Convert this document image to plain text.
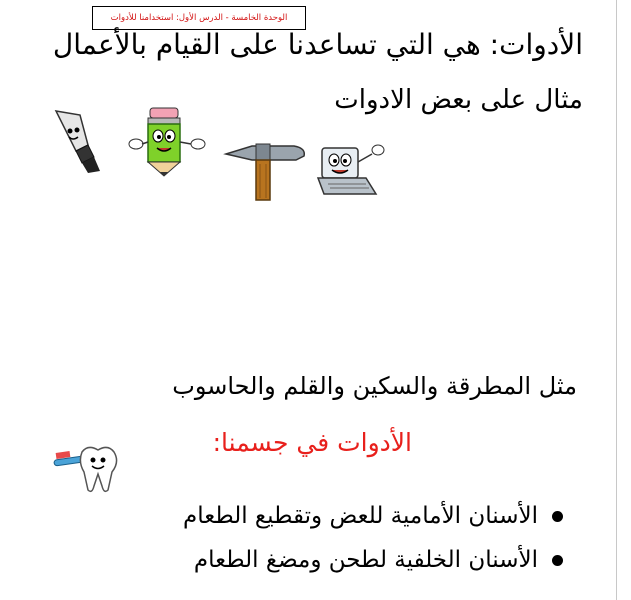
الوحدة الخامسة - الدرس الأول: استخدامنا للأدوات
الأدوات: هي التي تساعدنا على القيام بالأعمال
مثال على بعض الادوات
مثل المطرقة والسكين والقلم والحاسوب
الأدوات في جسمنا:
الأسنان الأمامية للعض وتقطيع الطعام
الأسنان الخلفية لطحن ومضغ الطعام
